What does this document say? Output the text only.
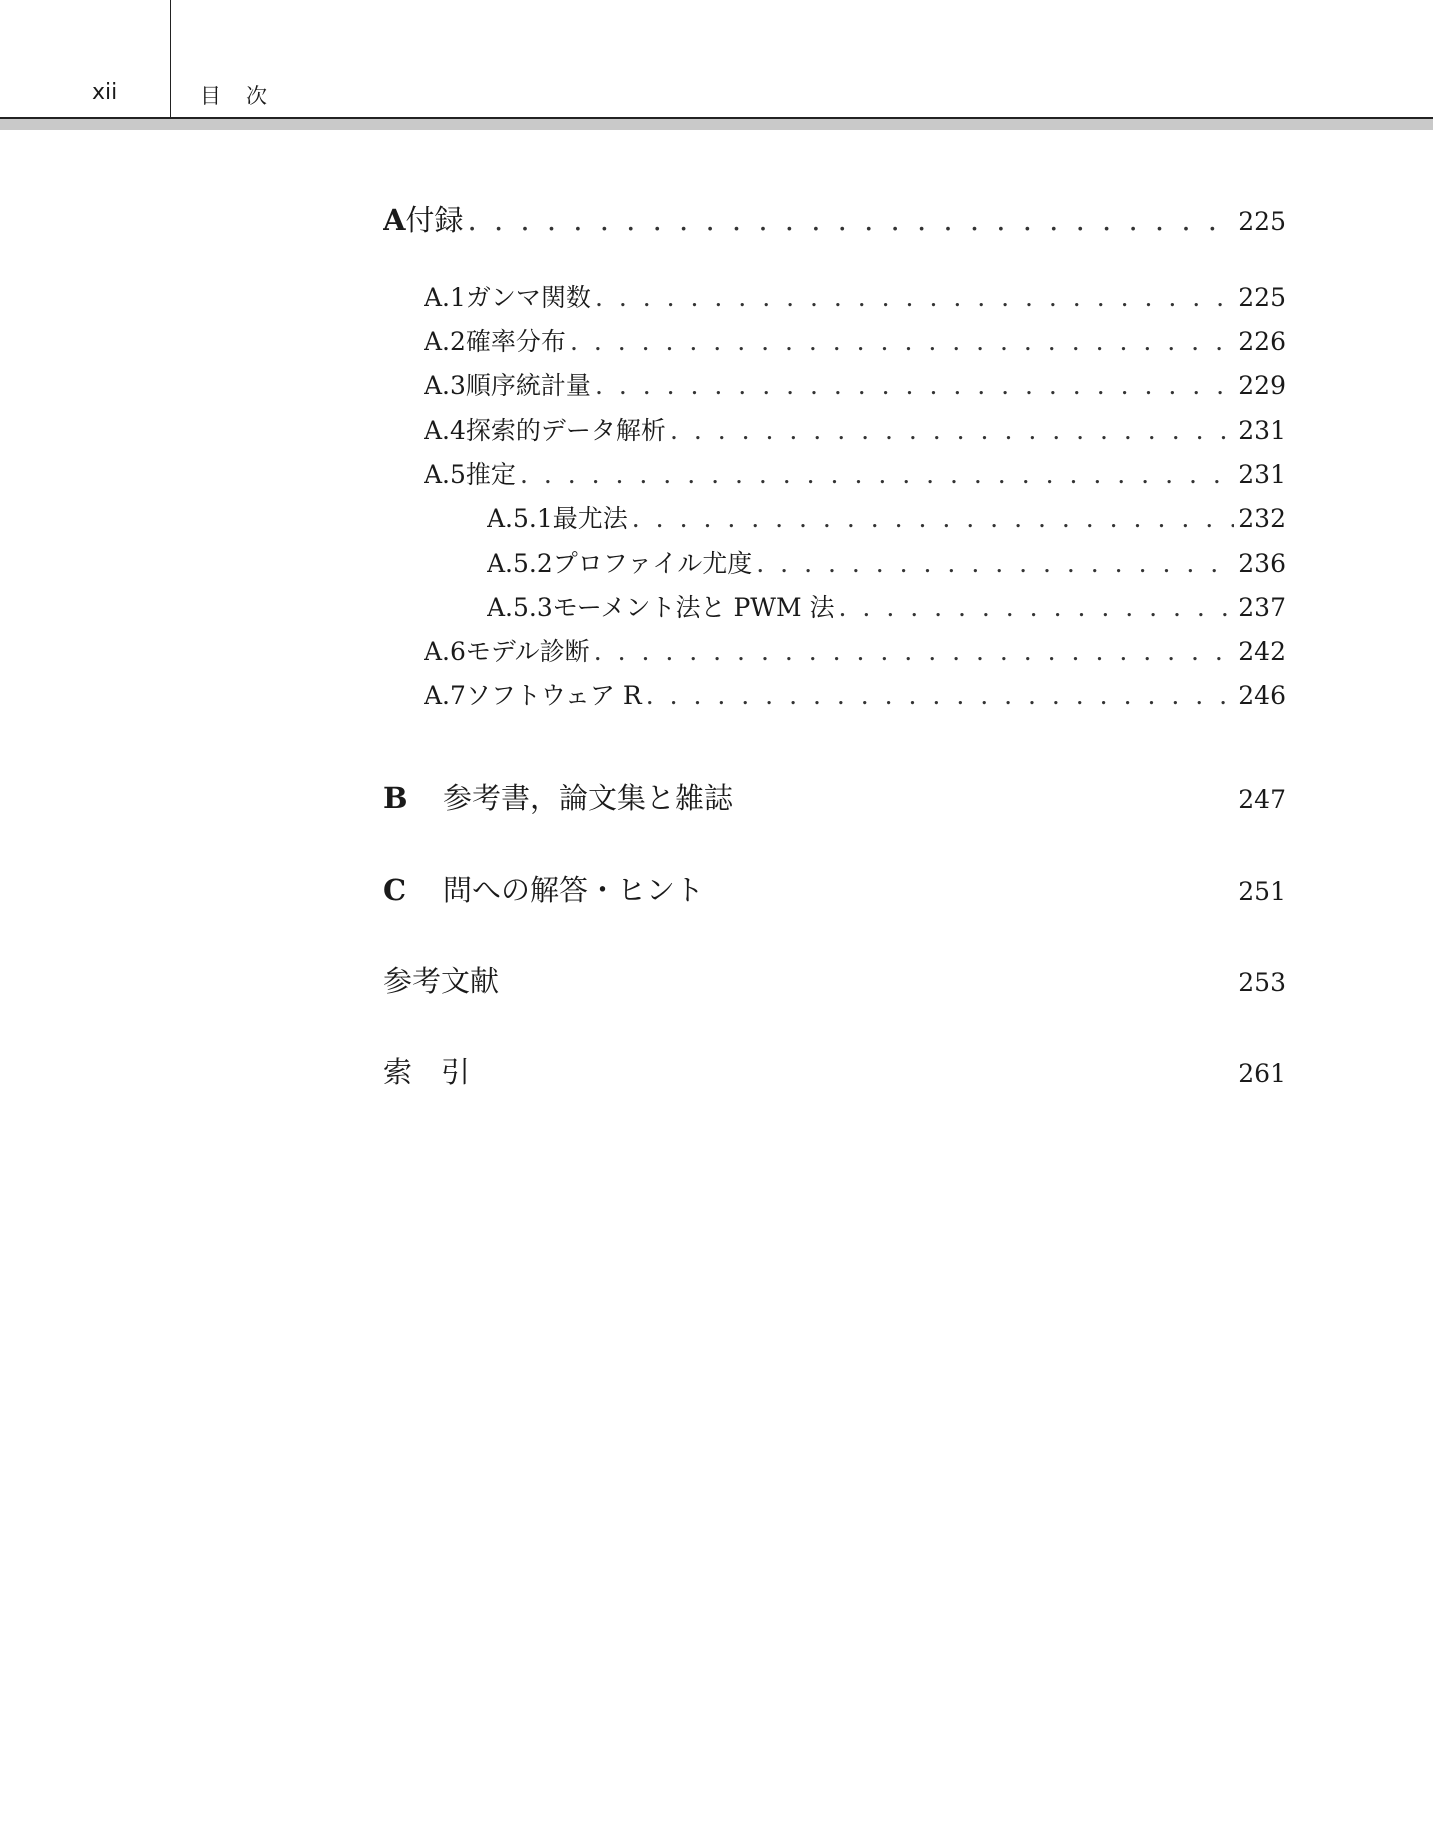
xii	目　次
A 付録 . . .	225
A.1 ガンマ関数 . . .	225
A.2 確率分布 . . .	226
A.3 順序統計量 . . .	229
A.4 探索的データ解析 . . .	231
A.5 推定 . . .	231
A.5.1 最尤法 . . .	232
A.5.2 プロファイル尤度 . . .	236
A.5.3 モーメント法と PWM 法 . . .	237
A.6 モデル診断 . . .	242
A.7 ソフトウェア R . . .	246
B	参考書，論文集と雑誌	247
C	問への解答・ヒント	251
参考文献	253
索　引	261
